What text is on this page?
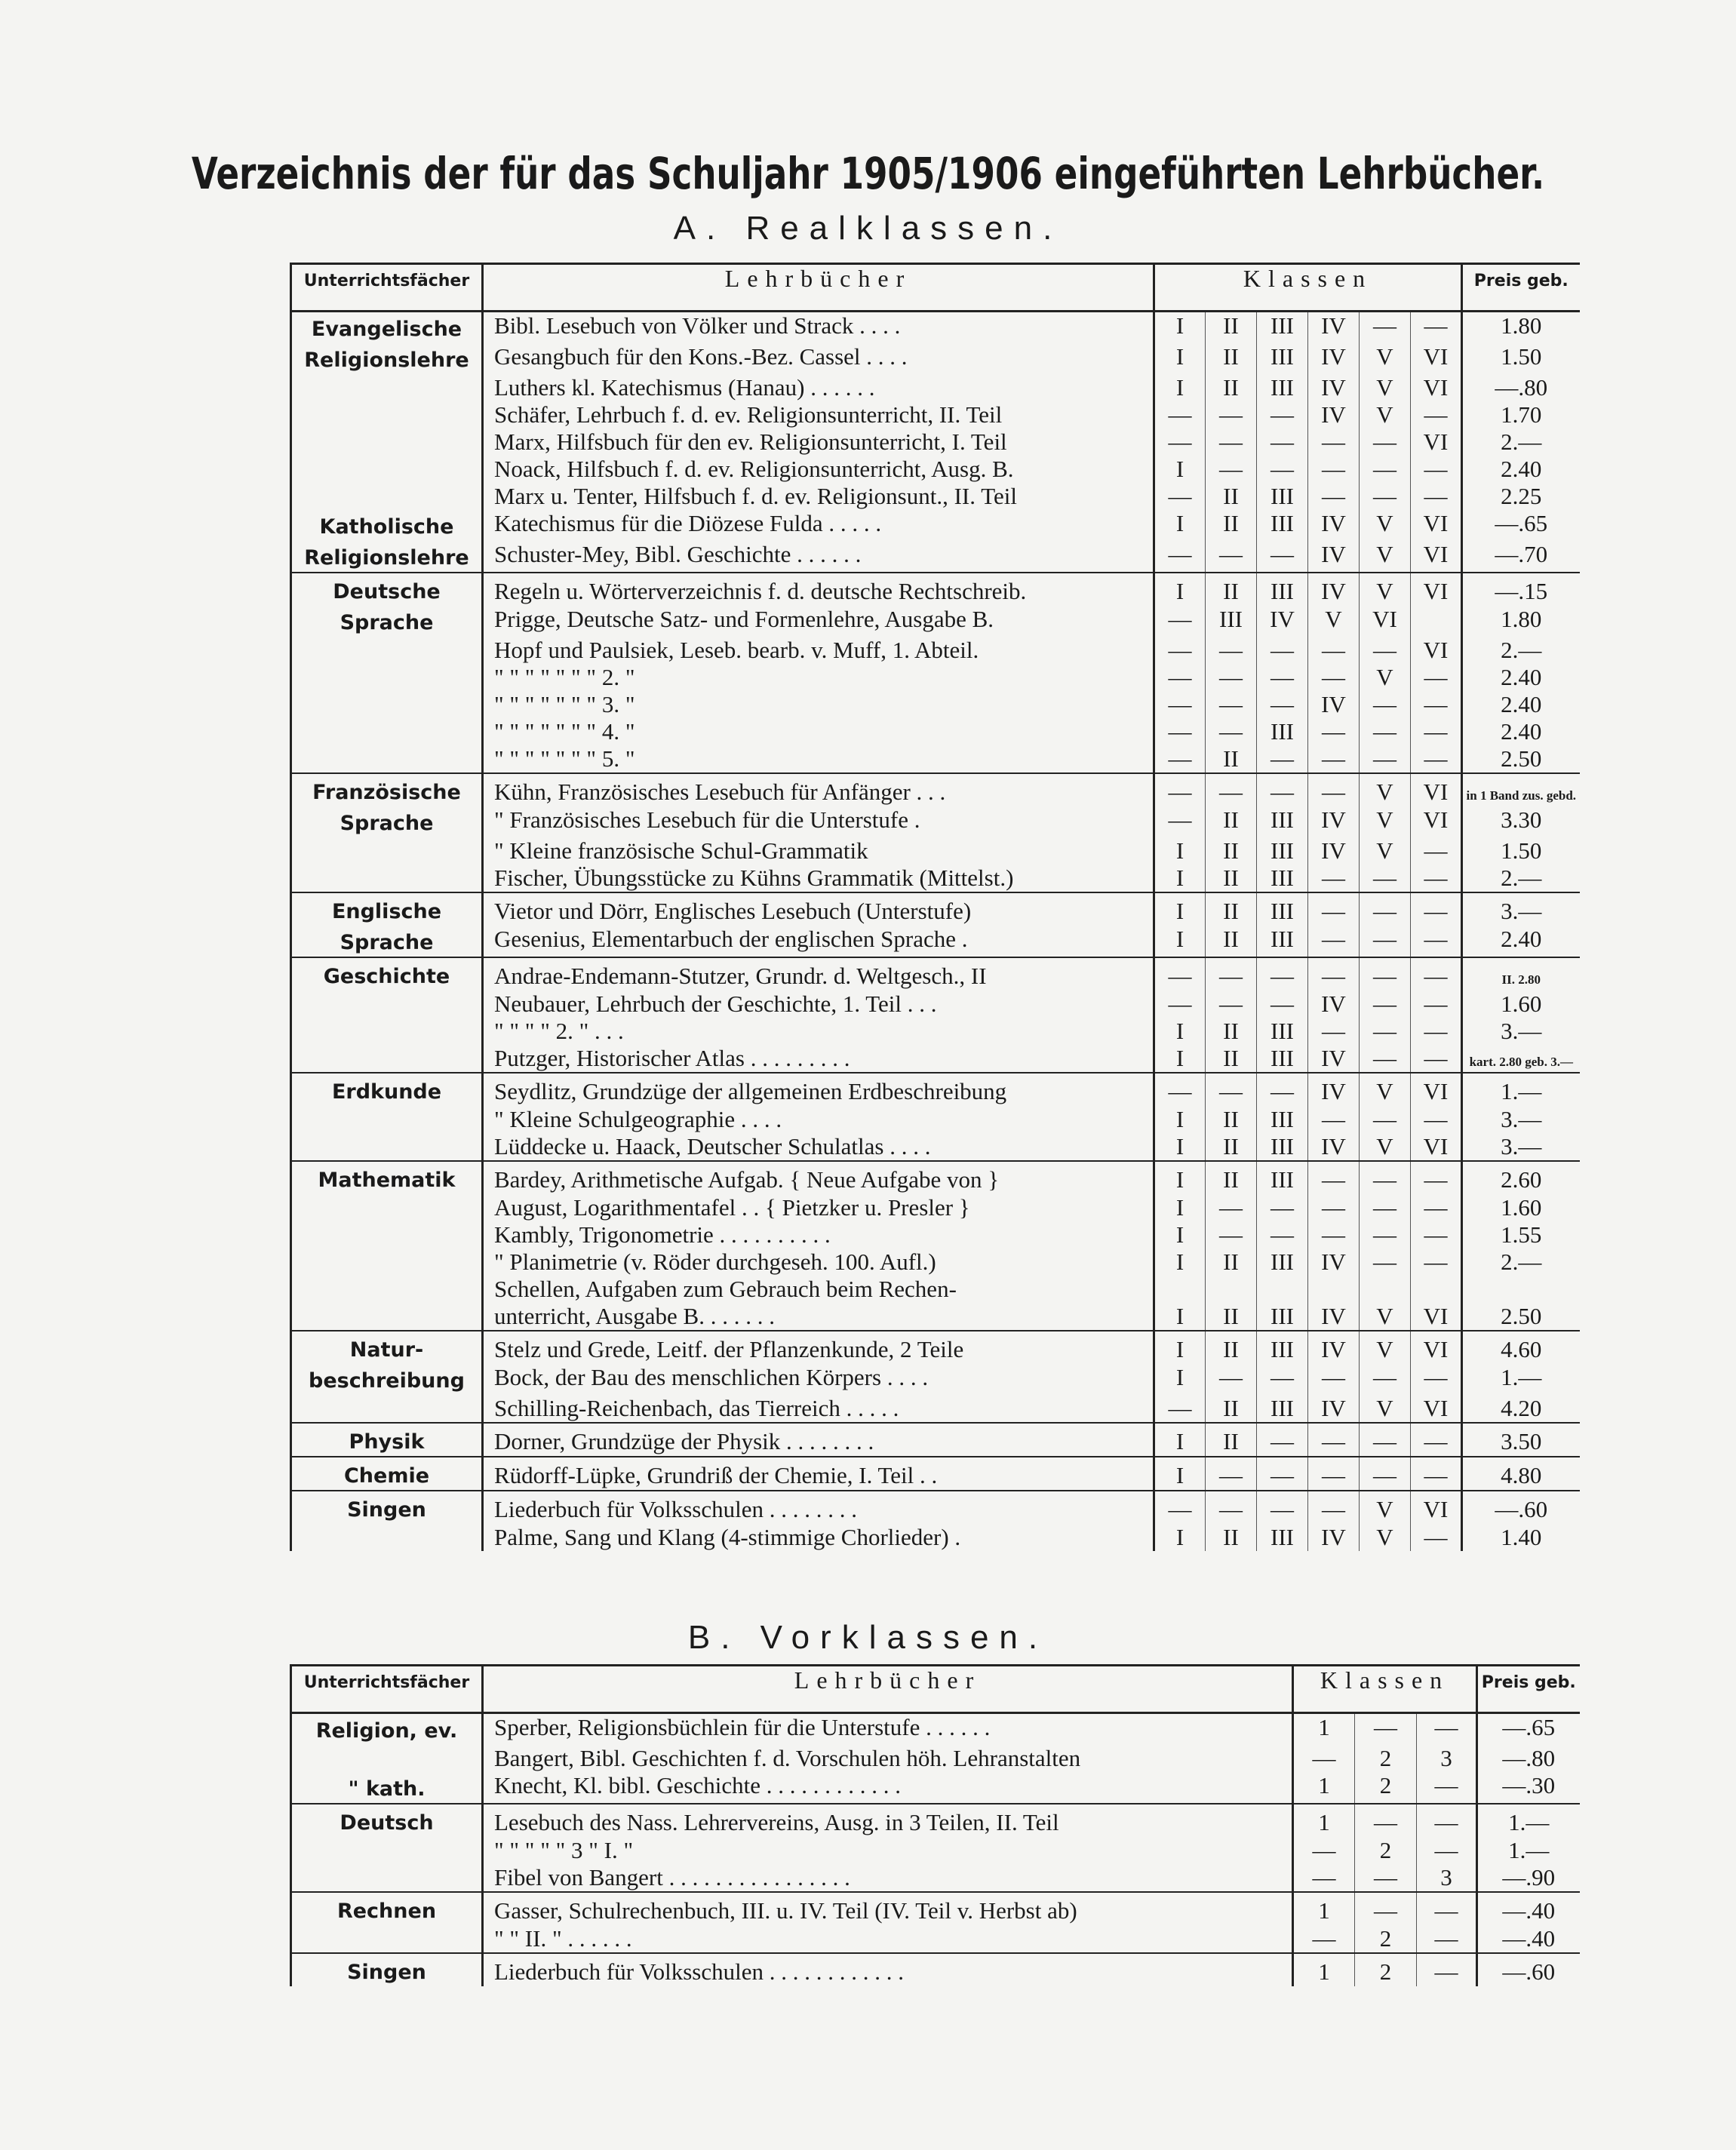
Verzeichnis der für das Schuljahr 1905/1906 eingeführten Lehrbücher.
A. Realklassen.
Unterrichtsfächer	Lehrbücher	Klassen						Preis geb.
Evangelische	Bibl. Lesebuch von Völker und Strack . . . .	I	II	III	IV	—	—	1.80
Religionslehre	Gesangbuch für den Kons.-Bez. Cassel . . . .	I	II	III	IV	V	VI	1.50
	Luthers kl. Katechismus (Hanau) . . . . . .	I	II	III	IV	V	VI	—.80
	Schäfer, Lehrbuch f. d. ev. Religionsunterricht, II. Teil	—	—	—	IV	V	—	1.70
	Marx, Hilfsbuch für den ev. Religionsunterricht, I. Teil	—	—	—	—	—	VI	2.—
	Noack, Hilfsbuch f. d. ev. Religionsunterricht, Ausg. B.	I	—	—	—	—	—	2.40
	Marx u. Tenter, Hilfsbuch f. d. ev. Religionsunt., II. Teil	—	II	III	—	—	—	2.25
Katholische	Katechismus für die Diözese Fulda . . . . .	I	II	III	IV	V	VI	—.65
Religionslehre	Schuster-Mey, Bibl. Geschichte . . . . . .	—	—	—	IV	V	VI	—.70
Deutsche	Regeln u. Wörterverzeichnis f. d. deutsche Rechtschreib.	I	II	III	IV	V	VI	—.15
Sprache	Prigge, Deutsche Satz- und Formenlehre, Ausgabe B.	—	III	IV	V	VI		1.80
	Hopf und Paulsiek, Leseb. bearb. v. Muff, 1. Abteil.	—	—	—	—	—	VI	2.—
	" " " " " " " 2. "	—	—	—	—	V	—	2.40
	" " " " " " " 3. "	—	—	—	IV	—	—	2.40
	" " " " " " " 4. "	—	—	III	—	—	—	2.40
	" " " " " " " 5. "	—	II	—	—	—	—	2.50
Französische	Kühn, Französisches Lesebuch für Anfänger . . .	—	—	—	—	V	VI	in 1 Band zus. gebd.
Sprache	" Französisches Lesebuch für die Unterstufe .	—	II	III	IV	V	VI	3.30
	" Kleine französische Schul-Grammatik	I	II	III	IV	V	—	1.50
	Fischer, Übungsstücke zu Kühns Grammatik (Mittelst.)	I	II	III	—	—	—	2.—
Englische	Vietor und Dörr, Englisches Lesebuch (Unterstufe)	I	II	III	—	—	—	3.—
Sprache	Gesenius, Elementarbuch der englischen Sprache .	I	II	III	—	—	—	2.40
Geschichte	Andrae-Endemann-Stutzer, Grundr. d. Weltgesch., II	—	—	—	—	—	—	II. 2.80
	Neubauer, Lehrbuch der Geschichte, 1. Teil . . .	—	—	—	IV	—	—	1.60
	" " " " 2. " . . .	I	II	III	—	—	—	3.—
	Putzger, Historischer Atlas . . . . . . . . .	I	II	III	IV	—	—	kart. 2.80 geb. 3.—
Erdkunde	Seydlitz, Grundzüge der allgemeinen Erdbeschreibung	—	—	—	IV	V	VI	1.—
	" Kleine Schulgeographie . . . .	I	II	III	—	—	—	3.—
	Lüddecke u. Haack, Deutscher Schulatlas . . . .	I	II	III	IV	V	VI	3.—
Mathematik	Bardey, Arithmetische Aufgab. { Neue Aufgabe von }	I	II	III	—	—	—	2.60
	August, Logarithmentafel . . { Pietzker u. Presler }	I	—	—	—	—	—	1.60
	Kambly, Trigonometrie . . . . . . . . . .	I	—	—	—	—	—	1.55
	" Planimetrie (v. Röder durchgeseh. 100. Aufl.)	I	II	III	IV	—	—	2.—
	Schellen, Aufgaben zum Gebrauch beim Rechen-							
	unterricht, Ausgabe B. . . . . . .	I	II	III	IV	V	VI	2.50
Natur-	Stelz und Grede, Leitf. der Pflanzenkunde, 2 Teile	I	II	III	IV	V	VI	4.60
beschreibung	Bock, der Bau des menschlichen Körpers . . . .	I	—	—	—	—	—	1.—
	Schilling-Reichenbach, das Tierreich . . . . .	—	II	III	IV	V	VI	4.20
Physik	Dorner, Grundzüge der Physik . . . . . . . .	I	II	—	—	—	—	3.50
Chemie	Rüdorff-Lüpke, Grundriß der Chemie, I. Teil . .	I	—	—	—	—	—	4.80
Singen	Liederbuch für Volksschulen . . . . . . . .	—	—	—	—	V	VI	—.60
	Palme, Sang und Klang (4-stimmige Chorlieder) .	I	II	III	IV	V	—	1.40
B. Vorklassen.
Unterrichtsfächer	Lehrbücher	Klassen			Preis geb.
Religion, ev.	Sperber, Religionsbüchlein für die Unterstufe . . . . . .	1	—	—	—.65
	Bangert, Bibl. Geschichten f. d. Vorschulen höh. Lehranstalten	—	2	3	—.80
" kath.	Knecht, Kl. bibl. Geschichte . . . . . . . . . . . .	1	2	—	—.30
Deutsch	Lesebuch des Nass. Lehrervereins, Ausg. in 3 Teilen, II. Teil	1	—	—	1.—
	" " " " " 3 " I. "	—	2	—	1.—
	Fibel von Bangert . . . . . . . . . . . . . . . .	—	—	3	—.90
Rechnen	Gasser, Schulrechenbuch, III. u. IV. Teil (IV. Teil v. Herbst ab)	1	—	—	—.40
	" " II. " . . . . . .	—	2	—	—.40
Singen	Liederbuch für Volksschulen . . . . . . . . . . . .	1	2	—	—.60
